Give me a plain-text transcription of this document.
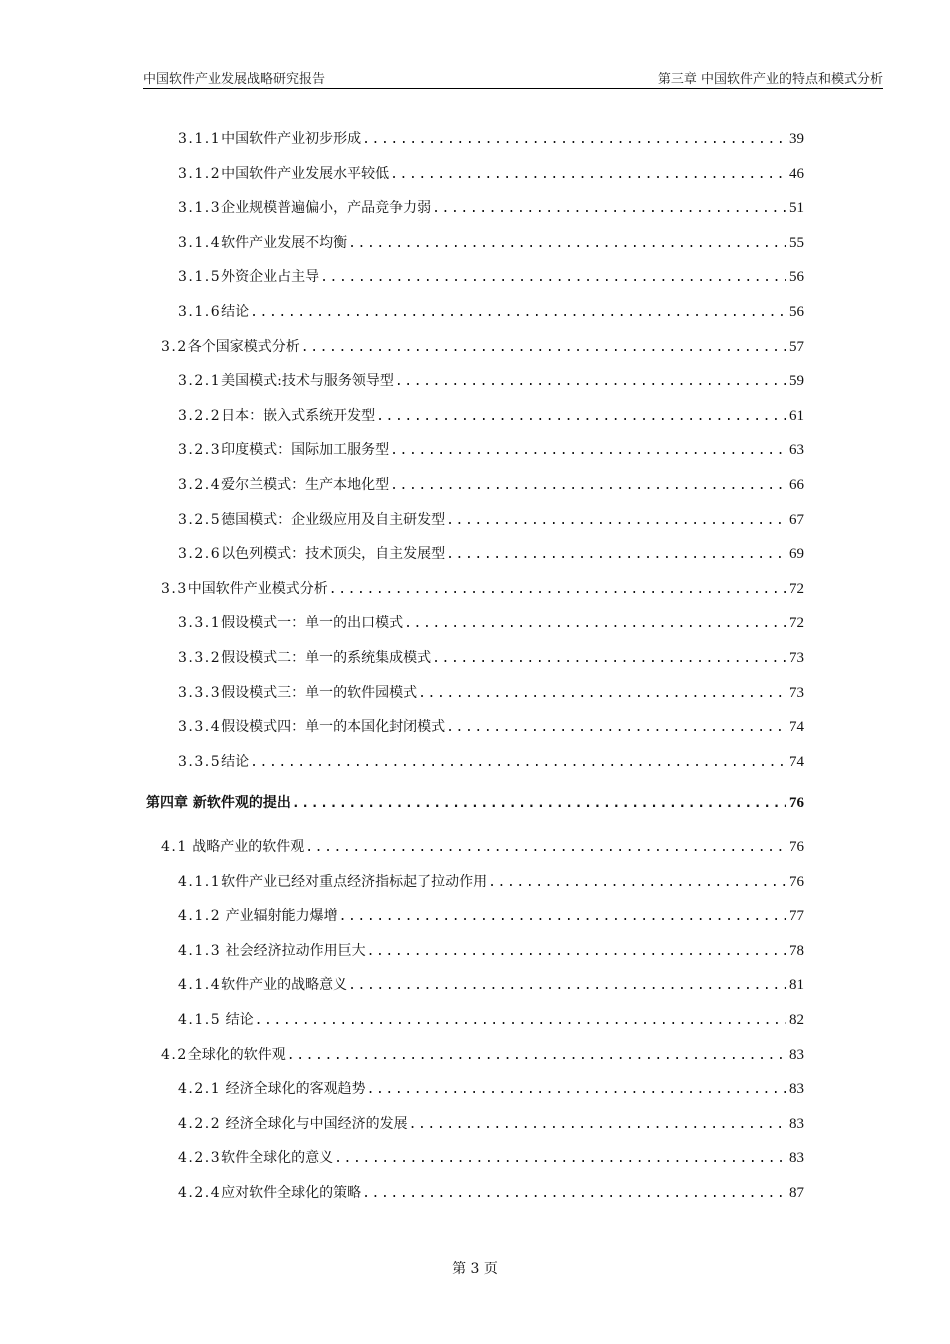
中国软件产业发展战略研究报告	第三章 中国软件产业的特点和模式分析
3.1.1中国软件产业初步形成 .....	39
3.1.2中国软件产业发展水平较低 .....	46
3.1.3企业规模普遍偏小，产品竞争力弱 .....	51
3.1.4软件产业发展不均衡 .....	55
3.1.5外资企业占主导 .....	56
3.1.6结论 .....	56
3.2各个国家模式分析 .....	57
3.2.1美国模式:技术与服务领导型 .....	59
3.2.2日本：嵌入式系统开发型 .....	61
3.2.3印度模式：国际加工服务型 .....	63
3.2.4爱尔兰模式：生产本地化型 .....	66
3.2.5德国模式：企业级应用及自主研发型 .....	67
3.2.6以色列模式：技术顶尖，自主发展型 .....	69
3.3中国软件产业模式分析 .....	72
3.3.1假设模式一：单一的出口模式 .....	72
3.3.2假设模式二：单一的系统集成模式 .....	73
3.3.3假设模式三：单一的软件园模式 .....	73
3.3.4假设模式四：单一的本国化封闭模式 .....	74
3.3.5结论 .....	74
第四章 新软件观的提出 .....	76
4.1 战略产业的软件观 .....	76
4.1.1软件产业已经对重点经济指标起了拉动作用 .....	76
4.1.2 产业辐射能力爆增 .....	77
4.1.3 社会经济拉动作用巨大 .....	78
4.1.4软件产业的战略意义 .....	81
4.1.5 结论 .....	82
4.2全球化的软件观 .....	83
4.2.1 经济全球化的客观趋势 .....	83
4.2.2 经济全球化与中国经济的发展 .....	83
4.2.3软件全球化的意义 .....	83
4.2.4应对软件全球化的策略 .....	87
第 3 页
